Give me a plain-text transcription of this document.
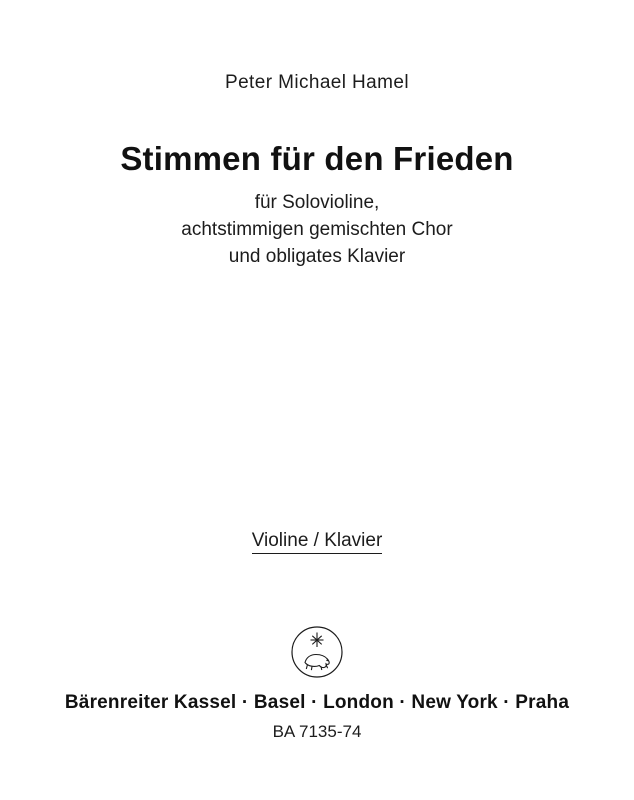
Peter Michael Hamel
Stimmen für den Frieden
für Solovioline,
achtstimmigen gemischten Chor
und obligates Klavier
Violine / Klavier
Bärenreiter Kassel · Basel · London · New York · Praha
BA 7135-74
